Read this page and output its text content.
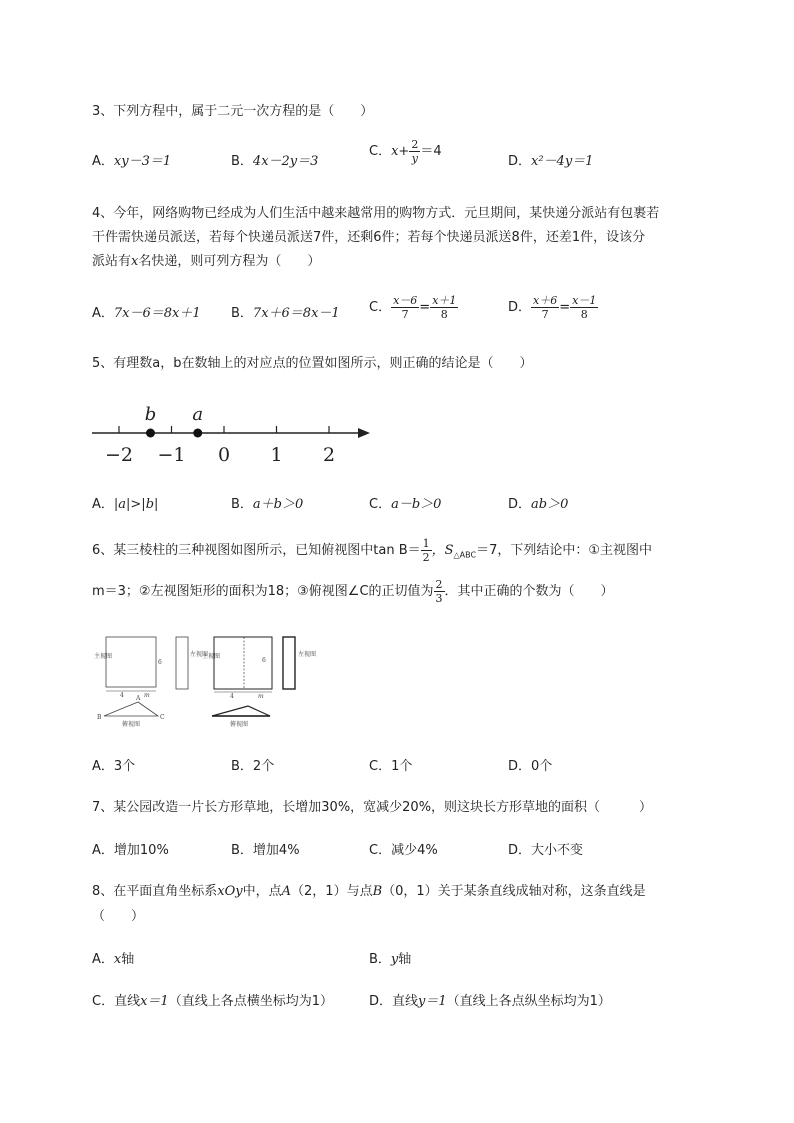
3、下列方程中，属于二元一次方程的是（　　）
A．xy－3＝1	B．4x－2y＝3
C．$x+ \frac{2}{y} =4$
D．x²－4y＝1
4、今年，网络购物已经成为人们生活中越来越常用的购物方式．元旦期间，某快递分派站有包裹若
干件需快递员派送，若每个快递员派送7件，还剩6件；若每个快递员派送8件，还差1件，设该分
派站有x名快递，则可列方程为（　　）
A．7x－6＝8x＋1 B．7x＋6＝8x－1 C． $\frac{x-6}{7} = \frac{x+1}{8}$	D． $\frac{x+6}{7} = \frac{x-1}{8}$
5、有理数a，b在数轴上的对应点的位置如图所示，则正确的结论是（　　）
−2 −1 0 1 2
b a
A．|a|>|b|	B．a＋b＞0	C．a－b＞0	D．ab＞0
6、某三棱柱的三种视图如图所示，已知俯视图中$\tan B= \frac{1}{2}$ ，$S_{\triangle ABC}=7$，下列结论中：①主视图中
m＝3；②左视图矩形的面积为18；③俯视图∠C的正切值为 $\frac{2}{3}$ ．其中正确的个数为（　　）
主视图
6
4	m
A
B	C
俯视图
左视图
主视图
6
4	m
俯视图
左视图
A．3个	B．2个	C．1个	D．0个
7、某公园改造一片长方形草地，长增加30%，宽减少20%，则这块长方形草地的面积（　　　）
A．增加10%	B．增加4%	C．减少4%	D．大小不变
8、在平面直角坐标系xOy中，点A（2，1）与点B（0，1）关于某条直线成轴对称，这条直线是
（　　）
A．x轴	B．y轴
C．直线x＝1（直线上各点横坐标均为1）	D．直线y＝1（直线上各点纵坐标均为1）
